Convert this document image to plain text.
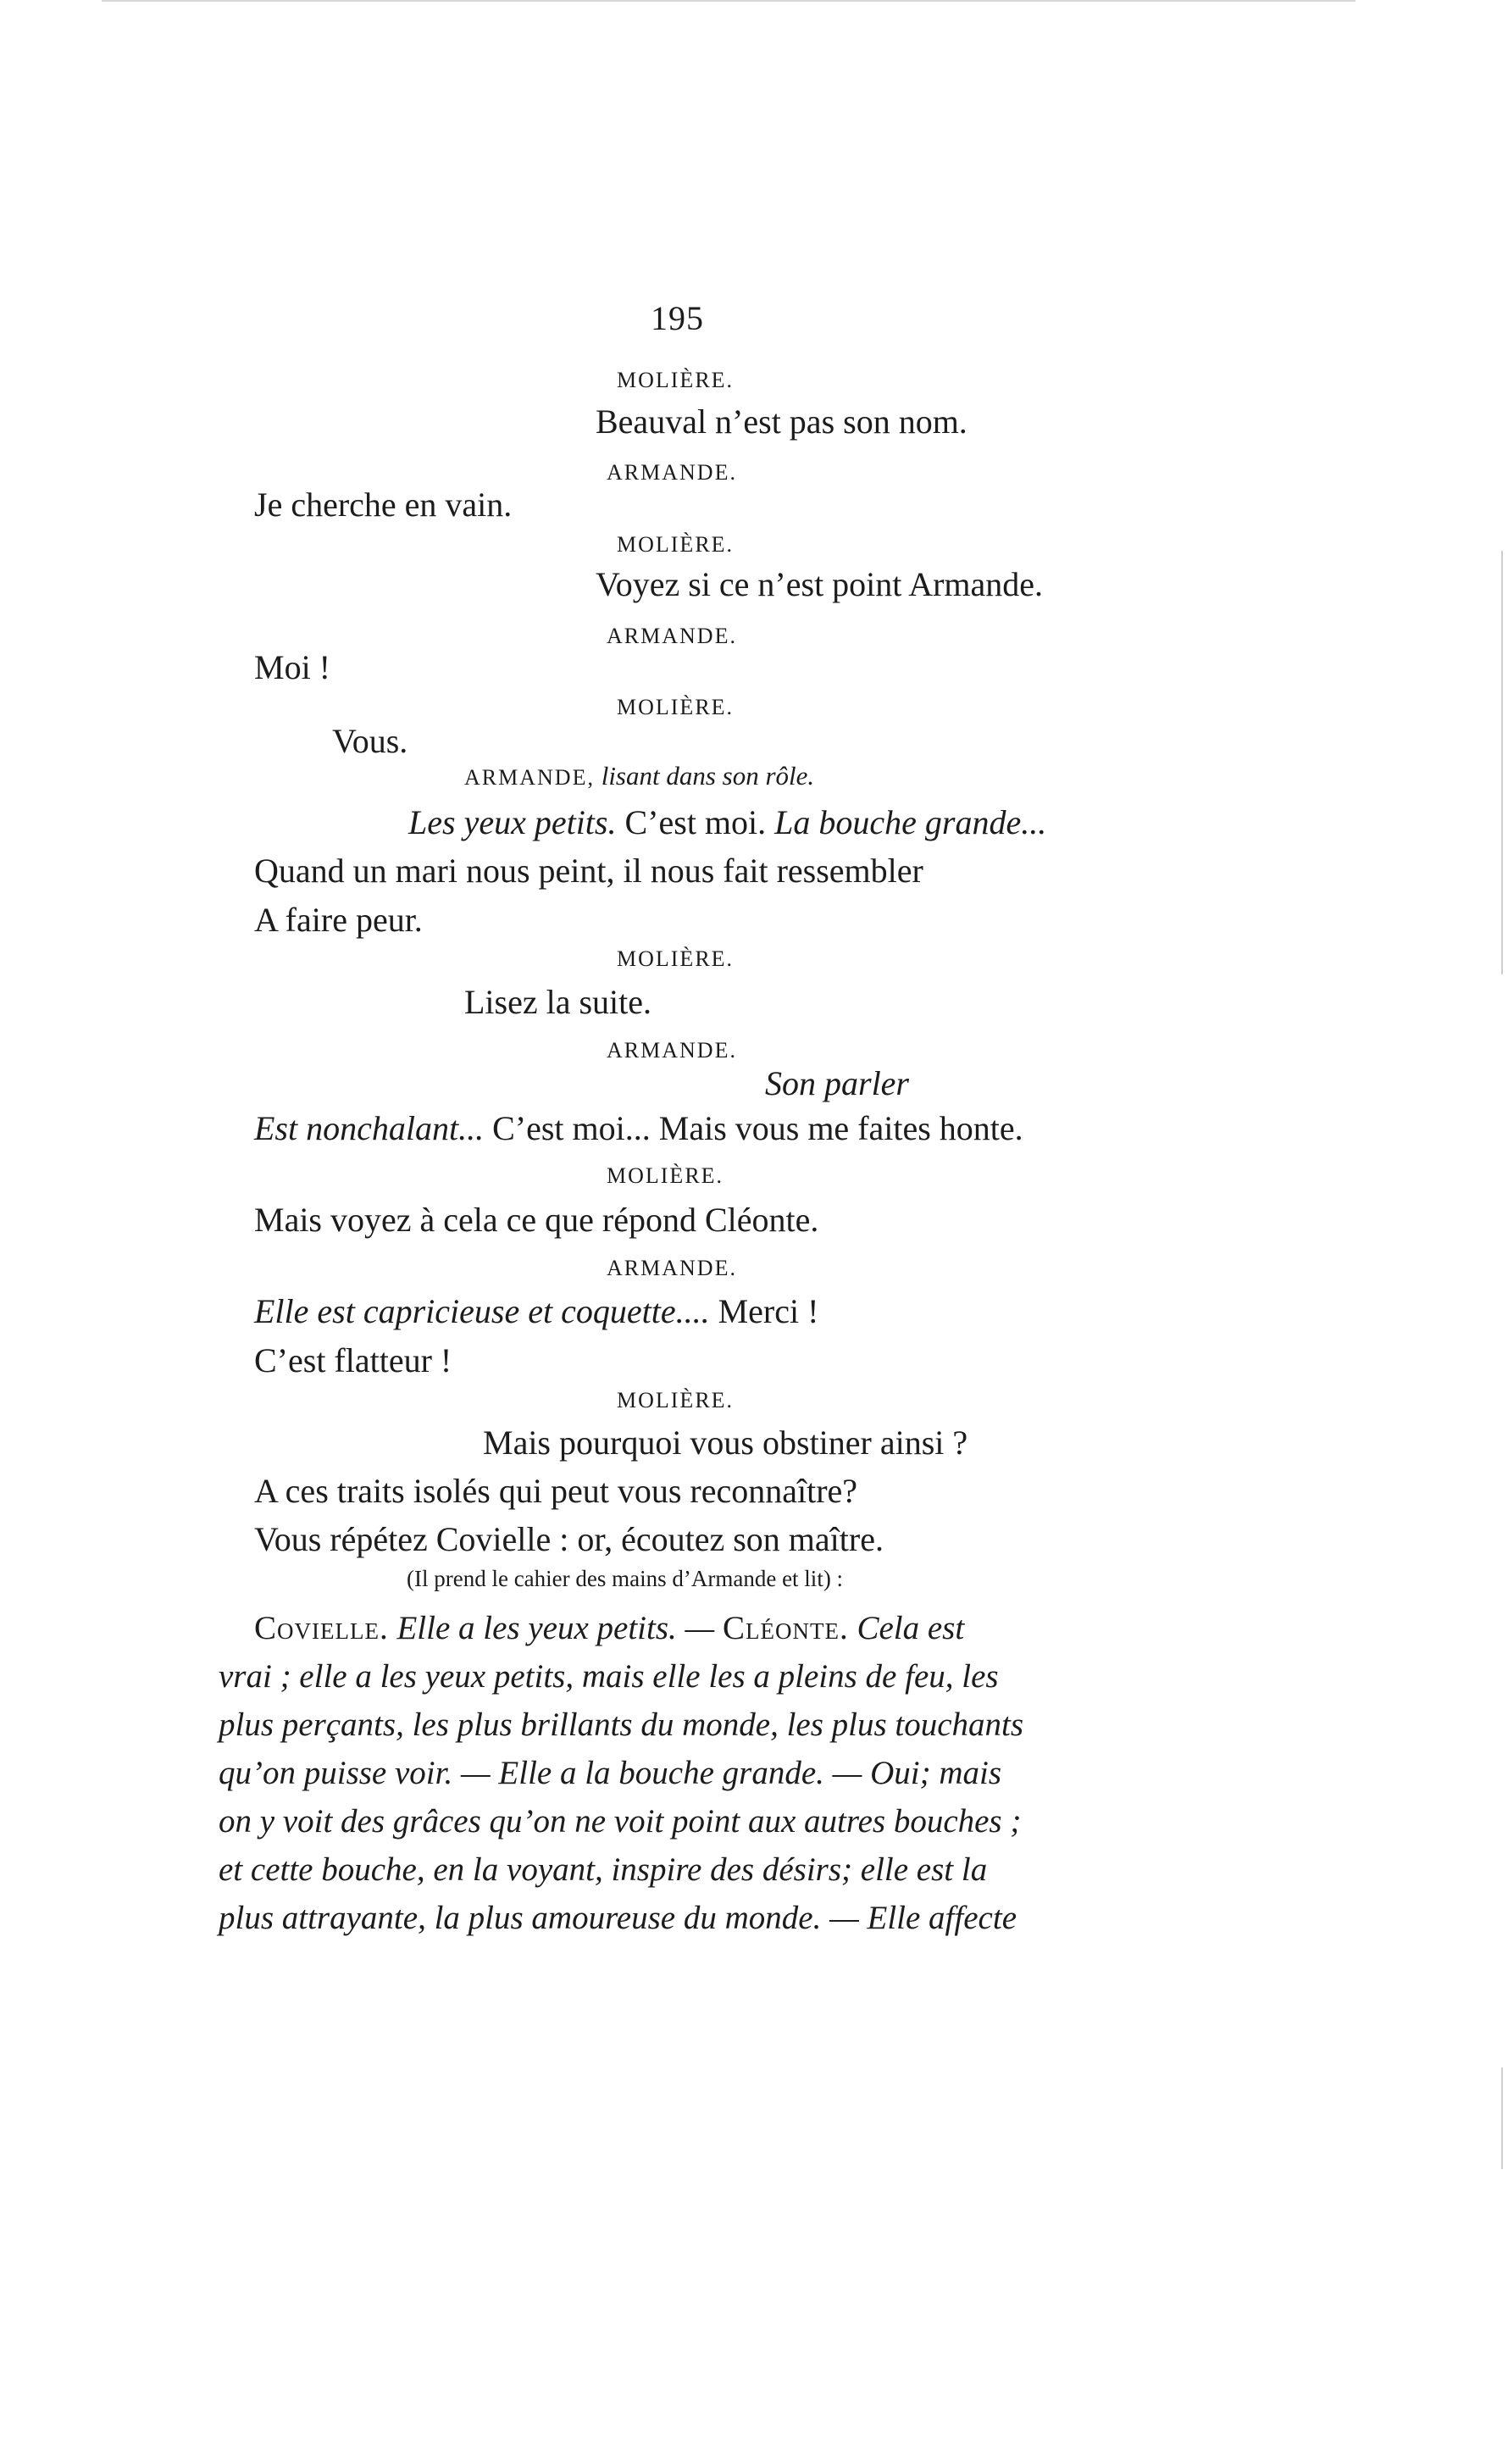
195
MOLIÈRE.
Beauval n’est pas son nom.
ARMANDE.
Je cherche en vain.
MOLIÈRE.
Voyez si ce n’est point Armande.
ARMANDE.
Moi !
MOLIÈRE.
Vous.
ARMANDE, lisant dans son rôle.
Les yeux petits. C’est moi. La bouche grande...
Quand un mari nous peint, il nous fait ressembler
A faire peur.
MOLIÈRE.
Lisez la suite.
ARMANDE.
Son parler
Est nonchalant... C’est moi... Mais vous me faites honte.
MOLIÈRE.
Mais voyez à cela ce que répond Cléonte.
ARMANDE.
Elle est capricieuse et coquette.... Merci !
C’est flatteur !
MOLIÈRE.
Mais pourquoi vous obstiner ainsi ?
A ces traits isolés qui peut vous reconnaître?
Vous répétez Covielle : or, écoutez son maître.
(Il prend le cahier des mains d’Armande et lit) :
Covielle. Elle a les yeux petits. — Cléonte. Cela est
vrai ; elle a les yeux petits, mais elle les a pleins de feu, les
plus perçants, les plus brillants du monde, les plus touchants
qu’on puisse voir. — Elle a la bouche grande. — Oui; mais
on y voit des grâces qu’on ne voit point aux autres bouches ;
et cette bouche, en la voyant, inspire des désirs; elle est la
plus attrayante, la plus amoureuse du monde. — Elle affecte
